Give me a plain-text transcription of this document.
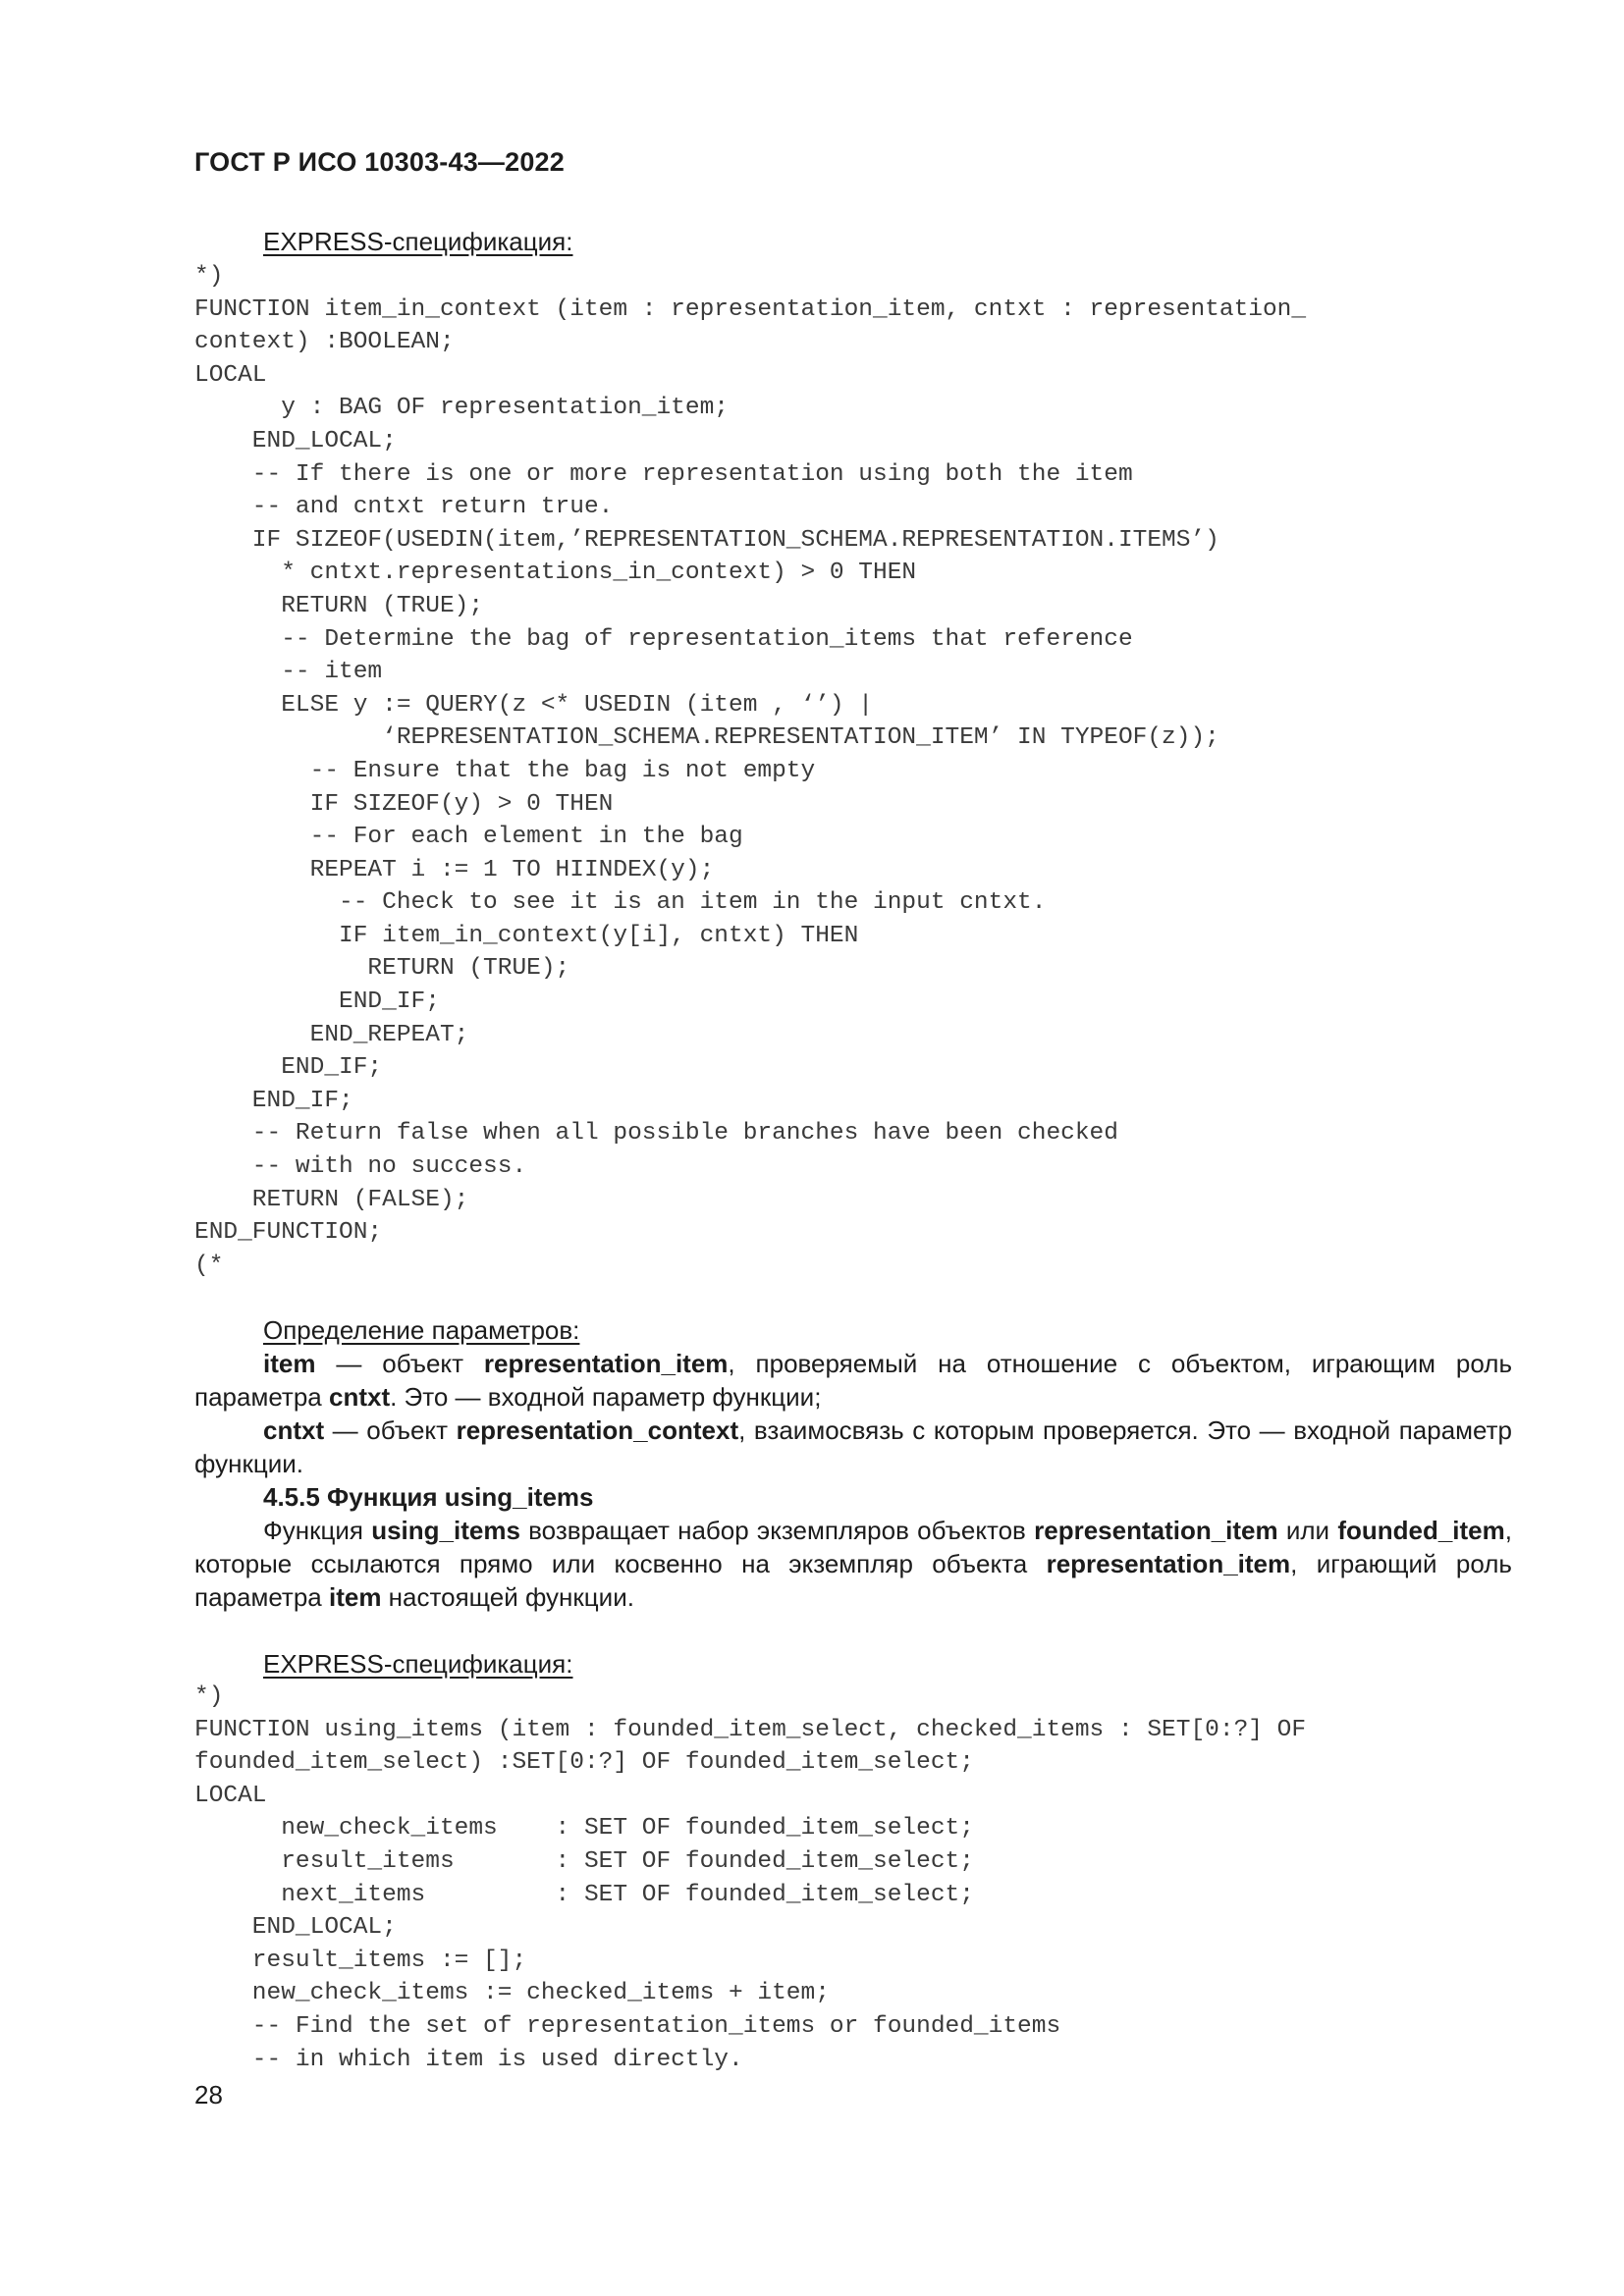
ГОСТ Р ИСО 10303-43—2022
EXPRESS-спецификация:
*)
FUNCTION item_in_context (item : representation_item, cntxt : representation_
context) :BOOLEAN;
LOCAL
y : BAG OF representation_item;
END_LOCAL;
-- If there is one or more representation using both the item
-- and cntxt return true.
IF SIZEOF(USEDIN(item,’REPRESENTATION_SCHEMA.REPRESENTATION.ITEMS’)
* cntxt.representations_in_context) > 0 THEN
RETURN (TRUE);
-- Determine the bag of representation_items that reference
-- item
ELSE y := QUERY(z <* USEDIN (item , ‘’) |
‘REPRESENTATION_SCHEMA.REPRESENTATION_ITEM’ IN TYPEOF(z));
-- Ensure that the bag is not empty
IF SIZEOF(y) > 0 THEN
-- For each element in the bag
REPEAT i := 1 TO HIINDEX(y);
-- Check to see it is an item in the input cntxt.
IF item_in_context(y[i], cntxt) THEN
RETURN (TRUE);
END_IF;
END_REPEAT;
END_IF;
END_IF;
-- Return false when all possible branches have been checked
-- with no success.
RETURN (FALSE);
END_FUNCTION;
(*
Определение параметров:

item — объект representation_item, проверяемый на отношение с объектом, играющим роль параметра cntxt. Это — входной параметр функции;

cntxt — объект representation_context, взаимосвязь с которым проверяется. Это — входной параметр функции.

4.5.5 Функция using_items

Функция using_items возвращает набор экземпляров объектов representation_item или founded_item, которые ссылаются прямо или косвенно на экземпляр объекта representation_item, играющий роль параметра item настоящей функции.

EXPRESS-спецификация:
*)
FUNCTION using_items (item : founded_item_select, checked_items : SET[0:?] OF
founded_item_select) :SET[0:?] OF founded_item_select;
LOCAL
new_check_items    : SET OF founded_item_select;
result_items       : SET OF founded_item_select;
next_items         : SET OF founded_item_select;
END_LOCAL;
result_items := [];
new_check_items := checked_items + item;
-- Find the set of representation_items or founded_items
-- in which item is used directly.
28
